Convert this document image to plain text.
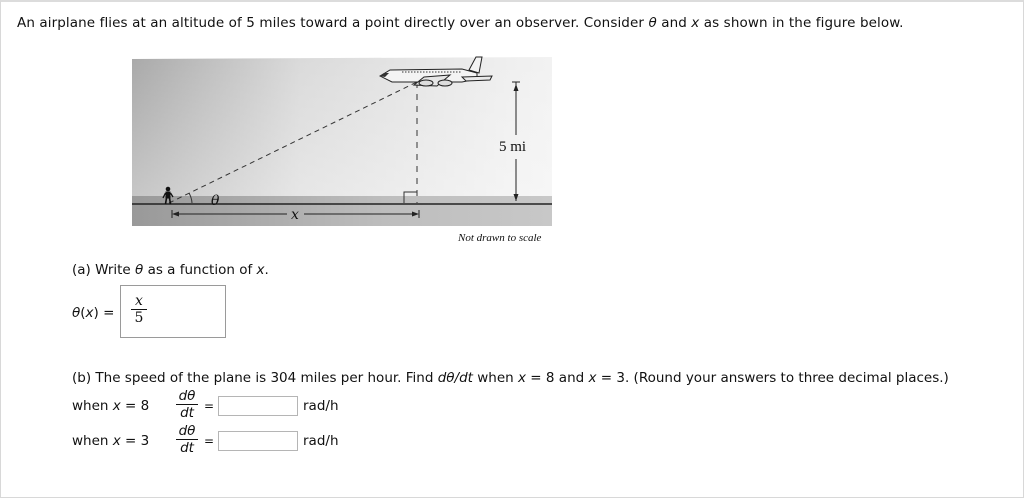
An airplane flies at an altitude of 5 miles toward a point directly over an observer. Consider θ and x as shown in the figure below.
θ
x
5 mi
Not drawn to scale
(a) Write θ as a function of x.
θ(x) =
x
5
(b) The speed of the plane is 304 miles per hour. Find dθ/dt when x = 8 and x = 3. (Round your answers to three decimal places.)
when x = 8
dθ
dt =	rad/h
when x = 3
dθ
dt =	rad/h
